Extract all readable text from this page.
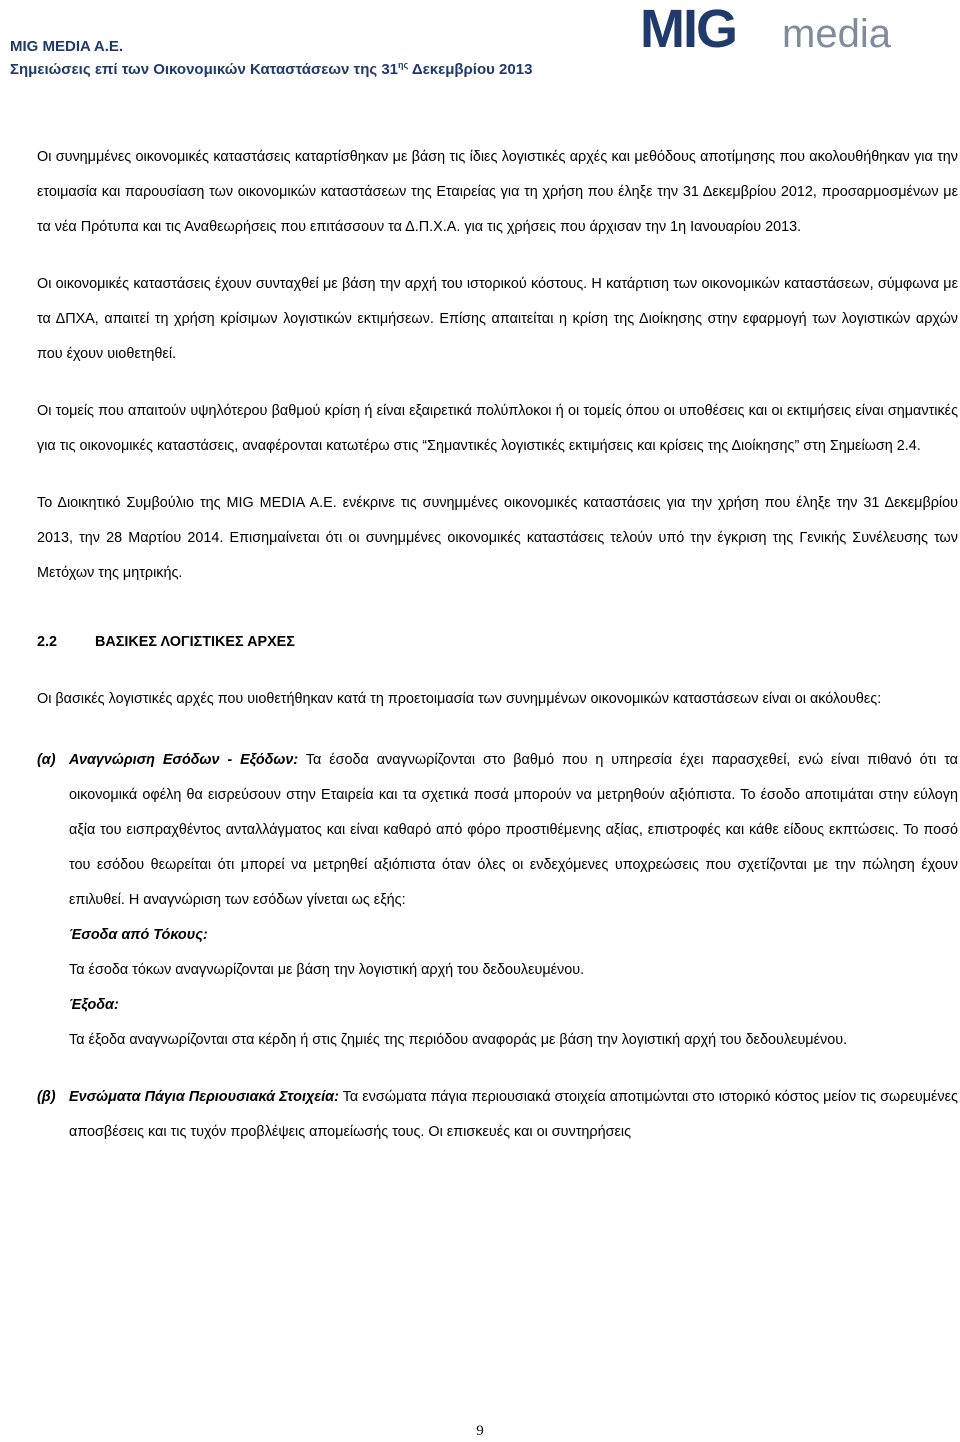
MIG MEDIA A.E.

Σημειώσεις επί των Οικονομικών Καταστάσεων της $31^{\eta\varsigma}$ Δεκεμβρίου 2013

MIG media

Οι συνημμένες οικονομικές καταστάσεις καταρτίσθηκαν με βάση τις ίδιες λογιστικές αρχές και μεθόδους αποτίμησης που ακολουθήθηκαν για την ετοιμασία και παρουσίαση των οικονομικών καταστάσεων της Εταιρείας για τη χρήση που έληξε την 31 Δεκεμβρίου 2012, προσαρμοσμένων με τα νέα Πρότυπα και τις Αναθεωρήσεις που επιτάσσουν τα Δ.Π.Χ.Α. για τις χρήσεις που άρχισαν την 1η Ιανουαρίου 2013.

Οι οικονομικές καταστάσεις έχουν συνταχθεί με βάση την αρχή του ιστορικού κόστους. Η κατάρτιση των οικονομικών καταστάσεων, σύμφωνα με τα ΔΠΧΑ, απαιτεί τη χρήση κρίσιμων λογιστικών εκτιμήσεων. Επίσης απαιτείται η κρίση της Διοίκησης στην εφαρμογή των λογιστικών αρχών που έχουν υιοθετηθεί.

Οι τομείς που απαιτούν υψηλότερου βαθμού κρίση ή είναι εξαιρετικά πολύπλοκοι ή οι τομείς όπου οι υποθέσεις και οι εκτιμήσεις είναι σημαντικές για τις οικονομικές καταστάσεις, αναφέρονται κατωτέρω στις “Σημαντικές λογιστικές εκτιμήσεις και κρίσεις της Διοίκησης” στη Σημείωση 2.4.

Το Διοικητικό Συμβούλιο της MIG MEDIA A.E. ενέκρινε τις συνημμένες οικονομικές καταστάσεις για την χρήση που έληξε την 31 Δεκεμβρίου 2013, την 28 Μαρτίου 2014. Επισημαίνεται ότι οι συνημμένες οικονομικές καταστάσεις τελούν υπό την έγκριση της Γενικής Συνέλευσης των Μετόχων της μητρικής.

2.2	ΒΑΣΙΚΕΣ ΛΟΓΙΣΤΙΚΕΣ ΑΡΧΕΣ

Οι βασικές λογιστικές αρχές που υιοθετήθηκαν κατά τη προετοιμασία των συνημμένων οικονομικών καταστάσεων είναι οι ακόλουθες:

(α) Αναγνώριση Εσόδων - Εξόδων: Τα έσοδα αναγνωρίζονται στο βαθμό που η υπηρεσία έχει παρασχεθεί, ενώ είναι πιθανό ότι τα οικονομικά οφέλη θα εισρεύσουν στην Εταιρεία και τα σχετικά ποσά μπορούν να μετρηθούν αξιόπιστα. Το έσοδο αποτιμάται στην εύλογη αξία του εισπραχθέντος ανταλλάγματος και είναι καθαρό από φόρο προστιθέμενης αξίας, επιστροφές και κάθε είδους εκπτώσεις. Το ποσό του εσόδου θεωρείται ότι μπορεί να μετρηθεί αξιόπιστα όταν όλες οι ενδεχόμενες υποχρεώσεις που σχετίζονται με την πώληση έχουν επιλυθεί. Η αναγνώριση των εσόδων γίνεται ως εξής:

Έσοδα από Τόκους:

Τα έσοδα τόκων αναγνωρίζονται με βάση την λογιστική αρχή του δεδουλευμένου.

Έξοδα:

Τα έξοδα αναγνωρίζονται στα κέρδη ή στις ζημιές της περιόδου αναφοράς με βάση την λογιστική αρχή του δεδουλευμένου.

(β) Ενσώματα Πάγια Περιουσιακά Στοιχεία: Τα ενσώματα πάγια περιουσιακά στοιχεία αποτιμώνται στο ιστορικό κόστος μείον τις σωρευμένες αποσβέσεις και τις τυχόν προβλέψεις απομείωσής τους. Οι επισκευές και οι συντηρήσεις

9
